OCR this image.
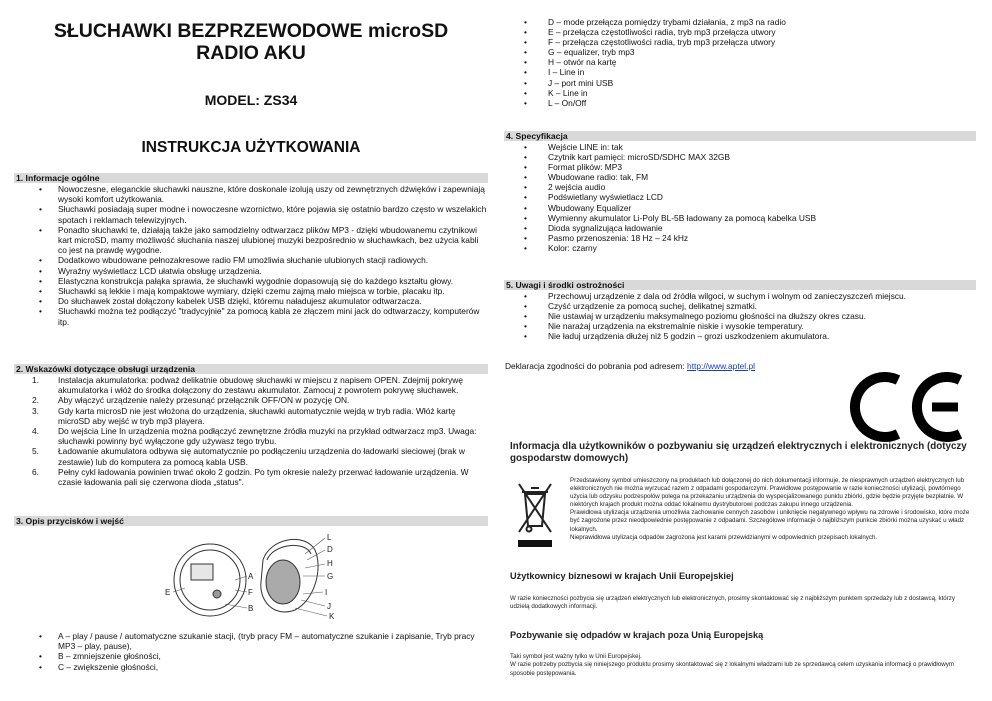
SŁUCHAWKI BEZPRZEWODOWE microSD
RADIO AKU
MODEL: ZS34
INSTRUKCJA UŻYTKOWANIA
1. Informacje ogólne
• Nowoczesne, eleganckie słuchawki nauszne, które doskonale izolują uszy od zewnętrznych dźwięków i zapewniają wysoki komfort użytkowania.
• Słuchawki posiadają super modne i nowoczesne wzornictwo, które pojawia się ostatnio bardzo często w wszelakich spotach i reklamach telewizyjnych.
• Ponadto słuchawki te, działają także jako samodzielny odtwarzacz plików MP3 - dzięki wbudowanemu czytnikowi kart microSD, mamy możliwość słuchania naszej ulubionej muzyki bezpośrednio w słuchawkach, bez użycia kabli co jest na prawdę wygodne.
• Dodatkowo wbudowane pełnozakresowe radio FM umożliwia słuchanie ulubionych stacji radiowych.
• Wyraźny wyświetlacz LCD ułatwia obsługę urządzenia.
• Elastyczna konstrukcja pałąka sprawia, że słuchawki wygodnie dopasowują się do każdego kształtu głowy.
• Słuchawki są lekkie i mają kompaktowe wymiary, dzięki czemu zajmą mało miejsca w torbie, placaku itp.
• Do słuchawek został dołączony kabelek USB dzięki, któremu naładujesz akumulator odtwarzacza.
• Słuchawki można też podłączyć "tradycyjnie" za pomocą kabla ze złączem mini jack do odtwarzaczy, komputerów itp.
2. Wskazówki dotyczące obsługi urządzenia
1. Instalacja akumulatorka: podważ delikatnie obudowę słuchawki w miejscu z napisem OPEN. Zdejmij pokrywę akumulatorka i włóż do środka dołączony do zestawu akumulator. Zamocuj z powrotem pokrywę słuchawek.
2. Aby włączyć urządzenie należy przesunąć przełącznik OFF/ON w pozycję ON.
3. Gdy karta microsD nie jest włożona do urządzenia, słuchawki automatycznie wejdą w tryb radia. Włóż kartę microSD aby wejść w tryb mp3 playera.
4. Do wejścia Line In urządzenia można podłączyć zewnętrzne źródła muzyki na przykład odtwarzacz mp3. Uwaga: słuchawki powinny być wyłączone gdy używasz tego trybu.
5. Ładowanie akumulatora odbywa się automatycznie po podłączeniu urządzenia do ładowarki sieciowej (brak w zestawie) lub do komputera za pomocą kabla USB.
6. Pełny cykl ładowania powinien trwać około 2 godzin. Po tym okresie należy przerwać ładowanie urządzenia. W czasie ładowania pali się czerwona dioda „status".
3. Opis przycisków i wejść
L
D
H
G
A
F
E
B
I
J
K
• A – play / pause / automatyczne szukanie stacji, (tryb pracy FM – automatyczne szukanie i zapisanie, Tryb pracy MP3 – play, pause),
• B – zmniejszenie głośności,
• C – zwiększenie głośności,
• D – mode przełącza pomiędzy trybami działania, z mp3 na radio
• E – przełącza częstotliwości radia, tryb mp3 przełącza utwory
• F – przełącza częstotliwości radia, tryb mp3 przełącza utwory
• G – equalizer, tryb mp3
• H – otwór na kartę
• I – Line in
• J – port mini USB
• K – Line in
• L – On/Off
4. Specyfikacja
• Wejście LINE in: tak
• Czytnik kart pamięci: microSD/SDHC MAX 32GB
• Format plików: MP3
• Wbudowane radio: tak, FM
• 2 wejścia audio
• Podświetlany wyświetlacz LCD
• Wbudowany Equalizer
• Wymienny akumulator Li-Poly BL-5B ładowany za pomocą kabelka USB
• Dioda sygnalizująca ładowanie
• Pasmo przenoszenia: 18 Hz – 24 kHz
• Kolor: czarny
5. Uwagi i środki ostrożności
• Przechowuj urządzenie z dala od źródła wilgoci, w suchym i wolnym od zanieczyszczeń miejscu.
• Czyść urządzenie za pomocą suchej, delikatnej szmatki.
• Nie ustawiaj w urządzeniu maksymalnego poziomu głośności na dłuższy okres czasu.
• Nie narażaj urządzenia na ekstremalnie niskie i wysokie temperatury.
• Nie ładuj urządzenia dłużej niż 5 godzin – grozi uszkodzeniem akumulatora.
Deklaracja zgodności do pobrania pod adresem: http://www.aptel.pl
Informacja dla użytkowników o pozbywaniu się urządzeń elektrycznych i elektronicznych (dotyczy gospodarstw domowych)

Przedstawiony symbol umieszczony na produktach lub dołączonej do nich dokumentacji informuje, że niesprawnych urządzeń elektrycznych lub elektronicznych nie można wyrzucać razem z odpadami gospodarczymi. Prawidłowe postępowanie w razie konieczności utylizacji, powtórnego użycia lub odzysku podzespołów polega na przekazaniu urządzenia do wyspecjalizowanego punktu zbiórki, gdzie będzie przyjęte bezpłatnie. W niektórych krajach produkt można oddać lokalnemu dystrybutorowi podczas zakupu innego urządzenia.

Prawidłowa utylizacja urządzenia umożliwia zachowanie cennych zasobów i uniknięcie negatywnego wpływu na zdrowie i środowisko, które może być zagrożone przez nieodpowiednie postępowanie z odpadami. Szczegółowe informacje o najbliższym punkcie zbiórki można uzyskać u władz lokalnych.

Nieprawidłowa utylizacja odpadów zagrożona jest karami przewidzianymi w odpowiednich przepisach lokalnych.

Użytkownicy biznesowi w krajach Unii Europejskiej
W razie konieczności pozbycia się urządzeń elektrycznych lub elektronicznych, prosimy skontaktować się z najbliższym punktem sprzedaży lub z dostawcą, którzy udzielą dodatkowych informacji.
Pozbywanie się odpadów w krajach poza Unią Europejską
Taki symbol jest ważny tylko w Unii Europejskej.
W razie potrzeby pozbycia się niniejszego produktu prosimy skontaktować się z lokalnymi władzami lub ze sprzedawcą celem uzyskania informacji o prawidłowym sposobie postępowania.
